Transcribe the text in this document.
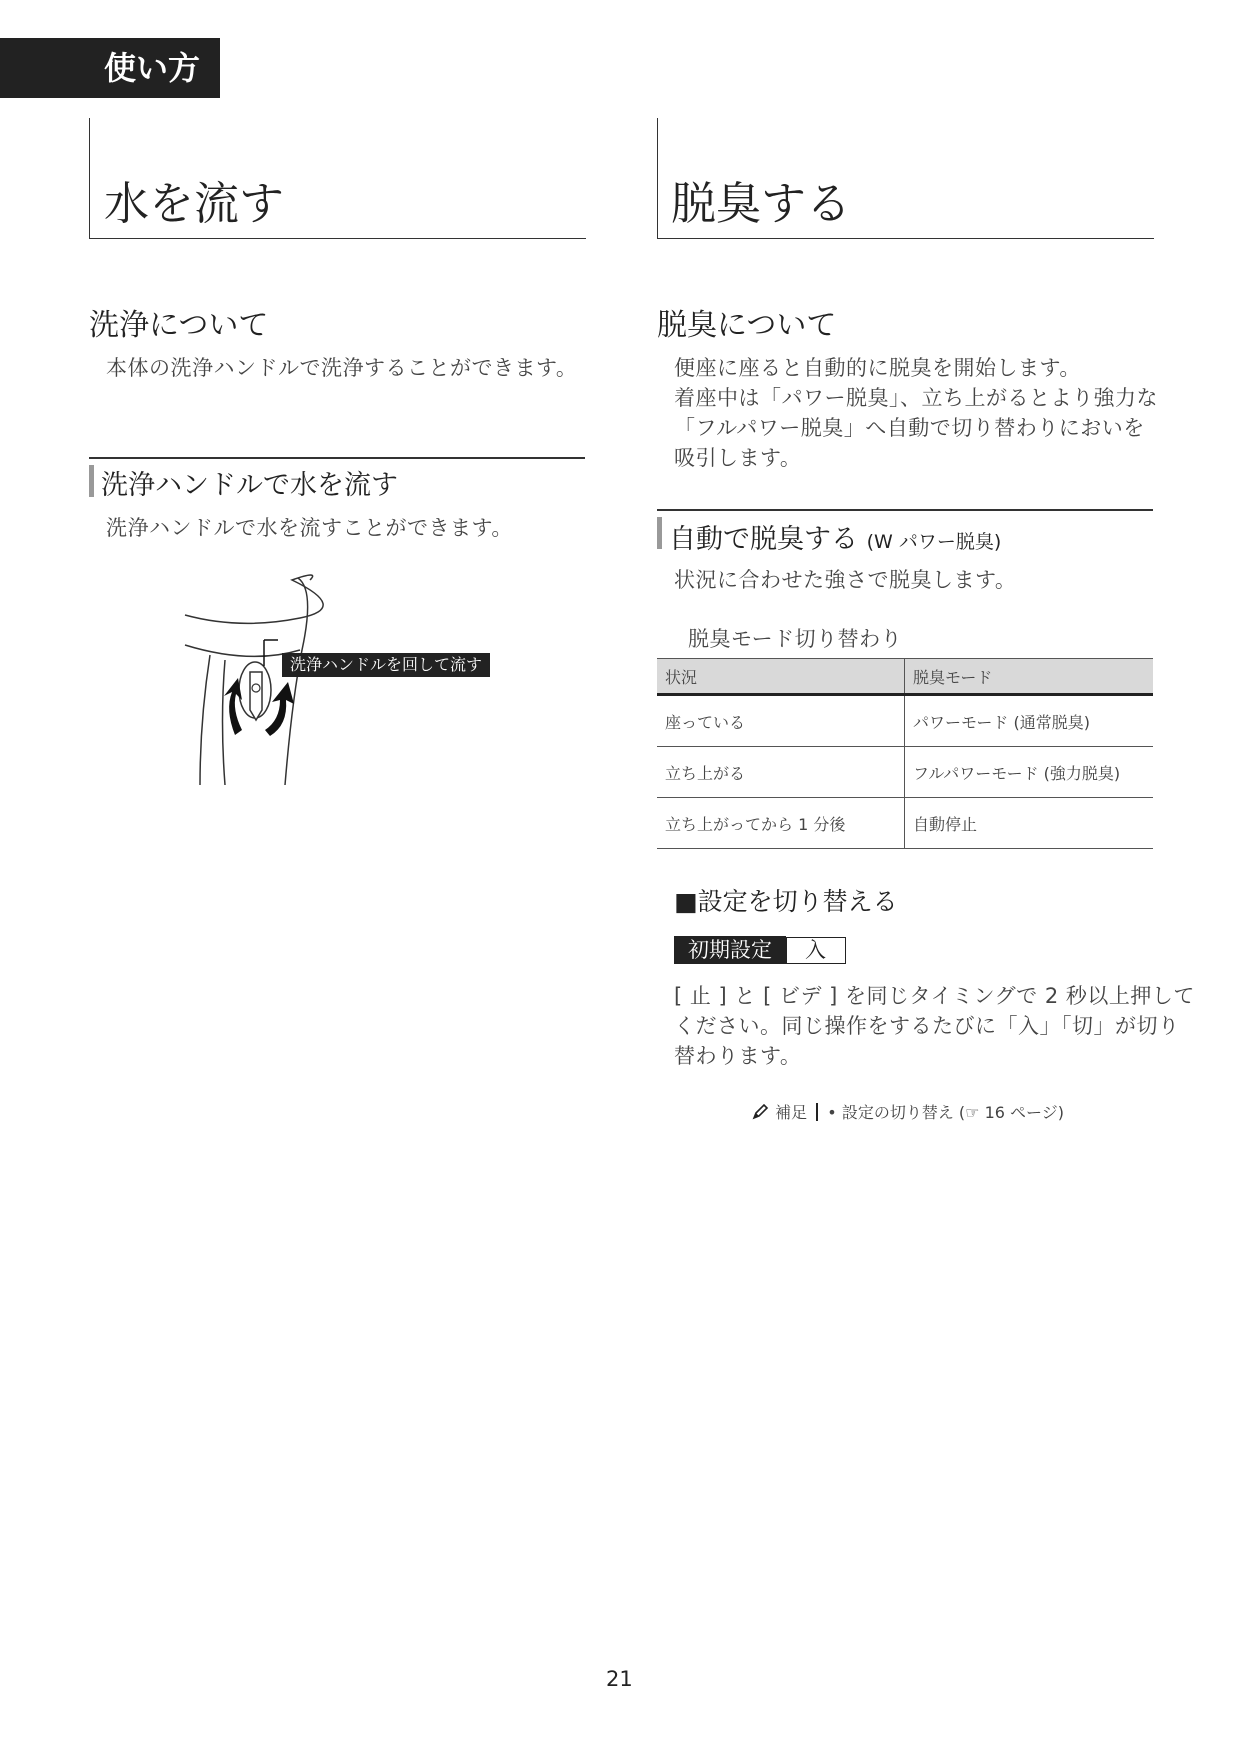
使い方
水を流す
洗浄について
本体の洗浄ハンドルで洗浄することができます。
洗浄ハンドルで水を流す
洗浄ハンドルで水を流すことができます。
洗浄ハンドルを回して流す
脱臭する
脱臭について
便座に座ると自動的に脱臭を開始します。
着座中は「パワー脱臭」、立ち上がるとより強力な
「フルパワー脱臭」へ自動で切り替わりにおいを
吸引します。
自動で脱臭する (W パワー脱臭)
状況に合わせた強さで脱臭します。
脱臭モード切り替わり
状況	脱臭モード
座っている	パワーモード (通常脱臭)
立ち上がる	フルパワーモード (強力脱臭)
立ち上がってから 1 分後	自動停止
■設定を切り替える
初期設定 入
[ 止 ] と [ ビデ ] を同じタイミングで 2 秒以上押して
ください。同じ操作をするたびに「入」「切」が切り
替わります。
補足 • 設定の切り替え (☞ 16 ページ)
21
